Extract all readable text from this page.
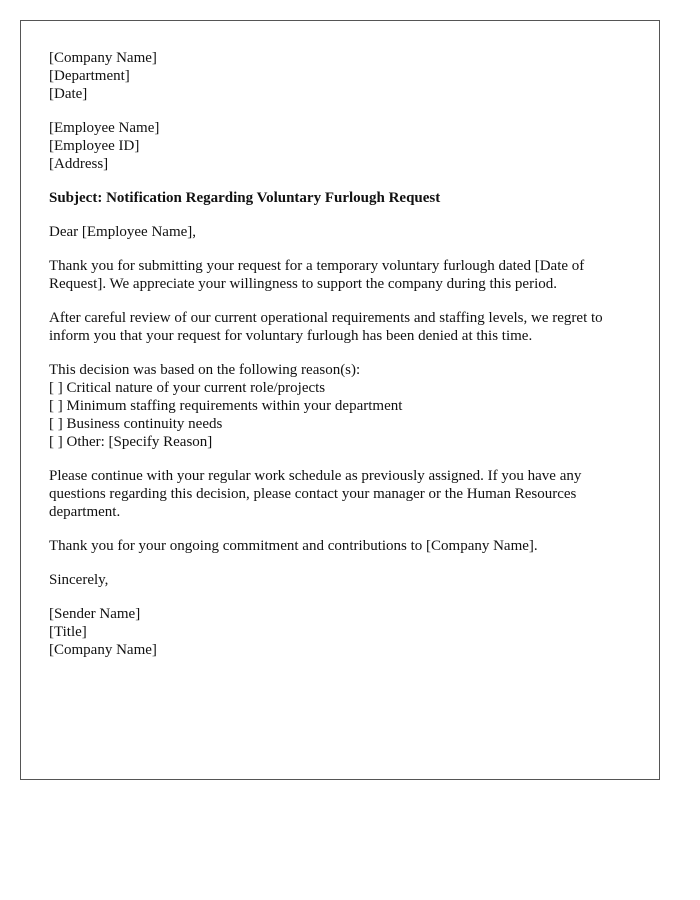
[Company Name]
[Department]
[Date]
[Employee Name]
[Employee ID]
[Address]
Subject: Notification Regarding Voluntary Furlough Request
Dear [Employee Name],
Thank you for submitting your request for a temporary voluntary furlough dated [Date of Request]. We appreciate your willingness to support the company during this period.
After careful review of our current operational requirements and staffing levels, we regret to inform you that your request for voluntary furlough has been denied at this time.
This decision was based on the following reason(s):
[ ] Critical nature of your current role/projects
[ ] Minimum staffing requirements within your department
[ ] Business continuity needs
[ ] Other: [Specify Reason]
Please continue with your regular work schedule as previously assigned. If you have any questions regarding this decision, please contact your manager or the Human Resources department.
Thank you for your ongoing commitment and contributions to [Company Name].
Sincerely,
[Sender Name]
[Title]
[Company Name]
